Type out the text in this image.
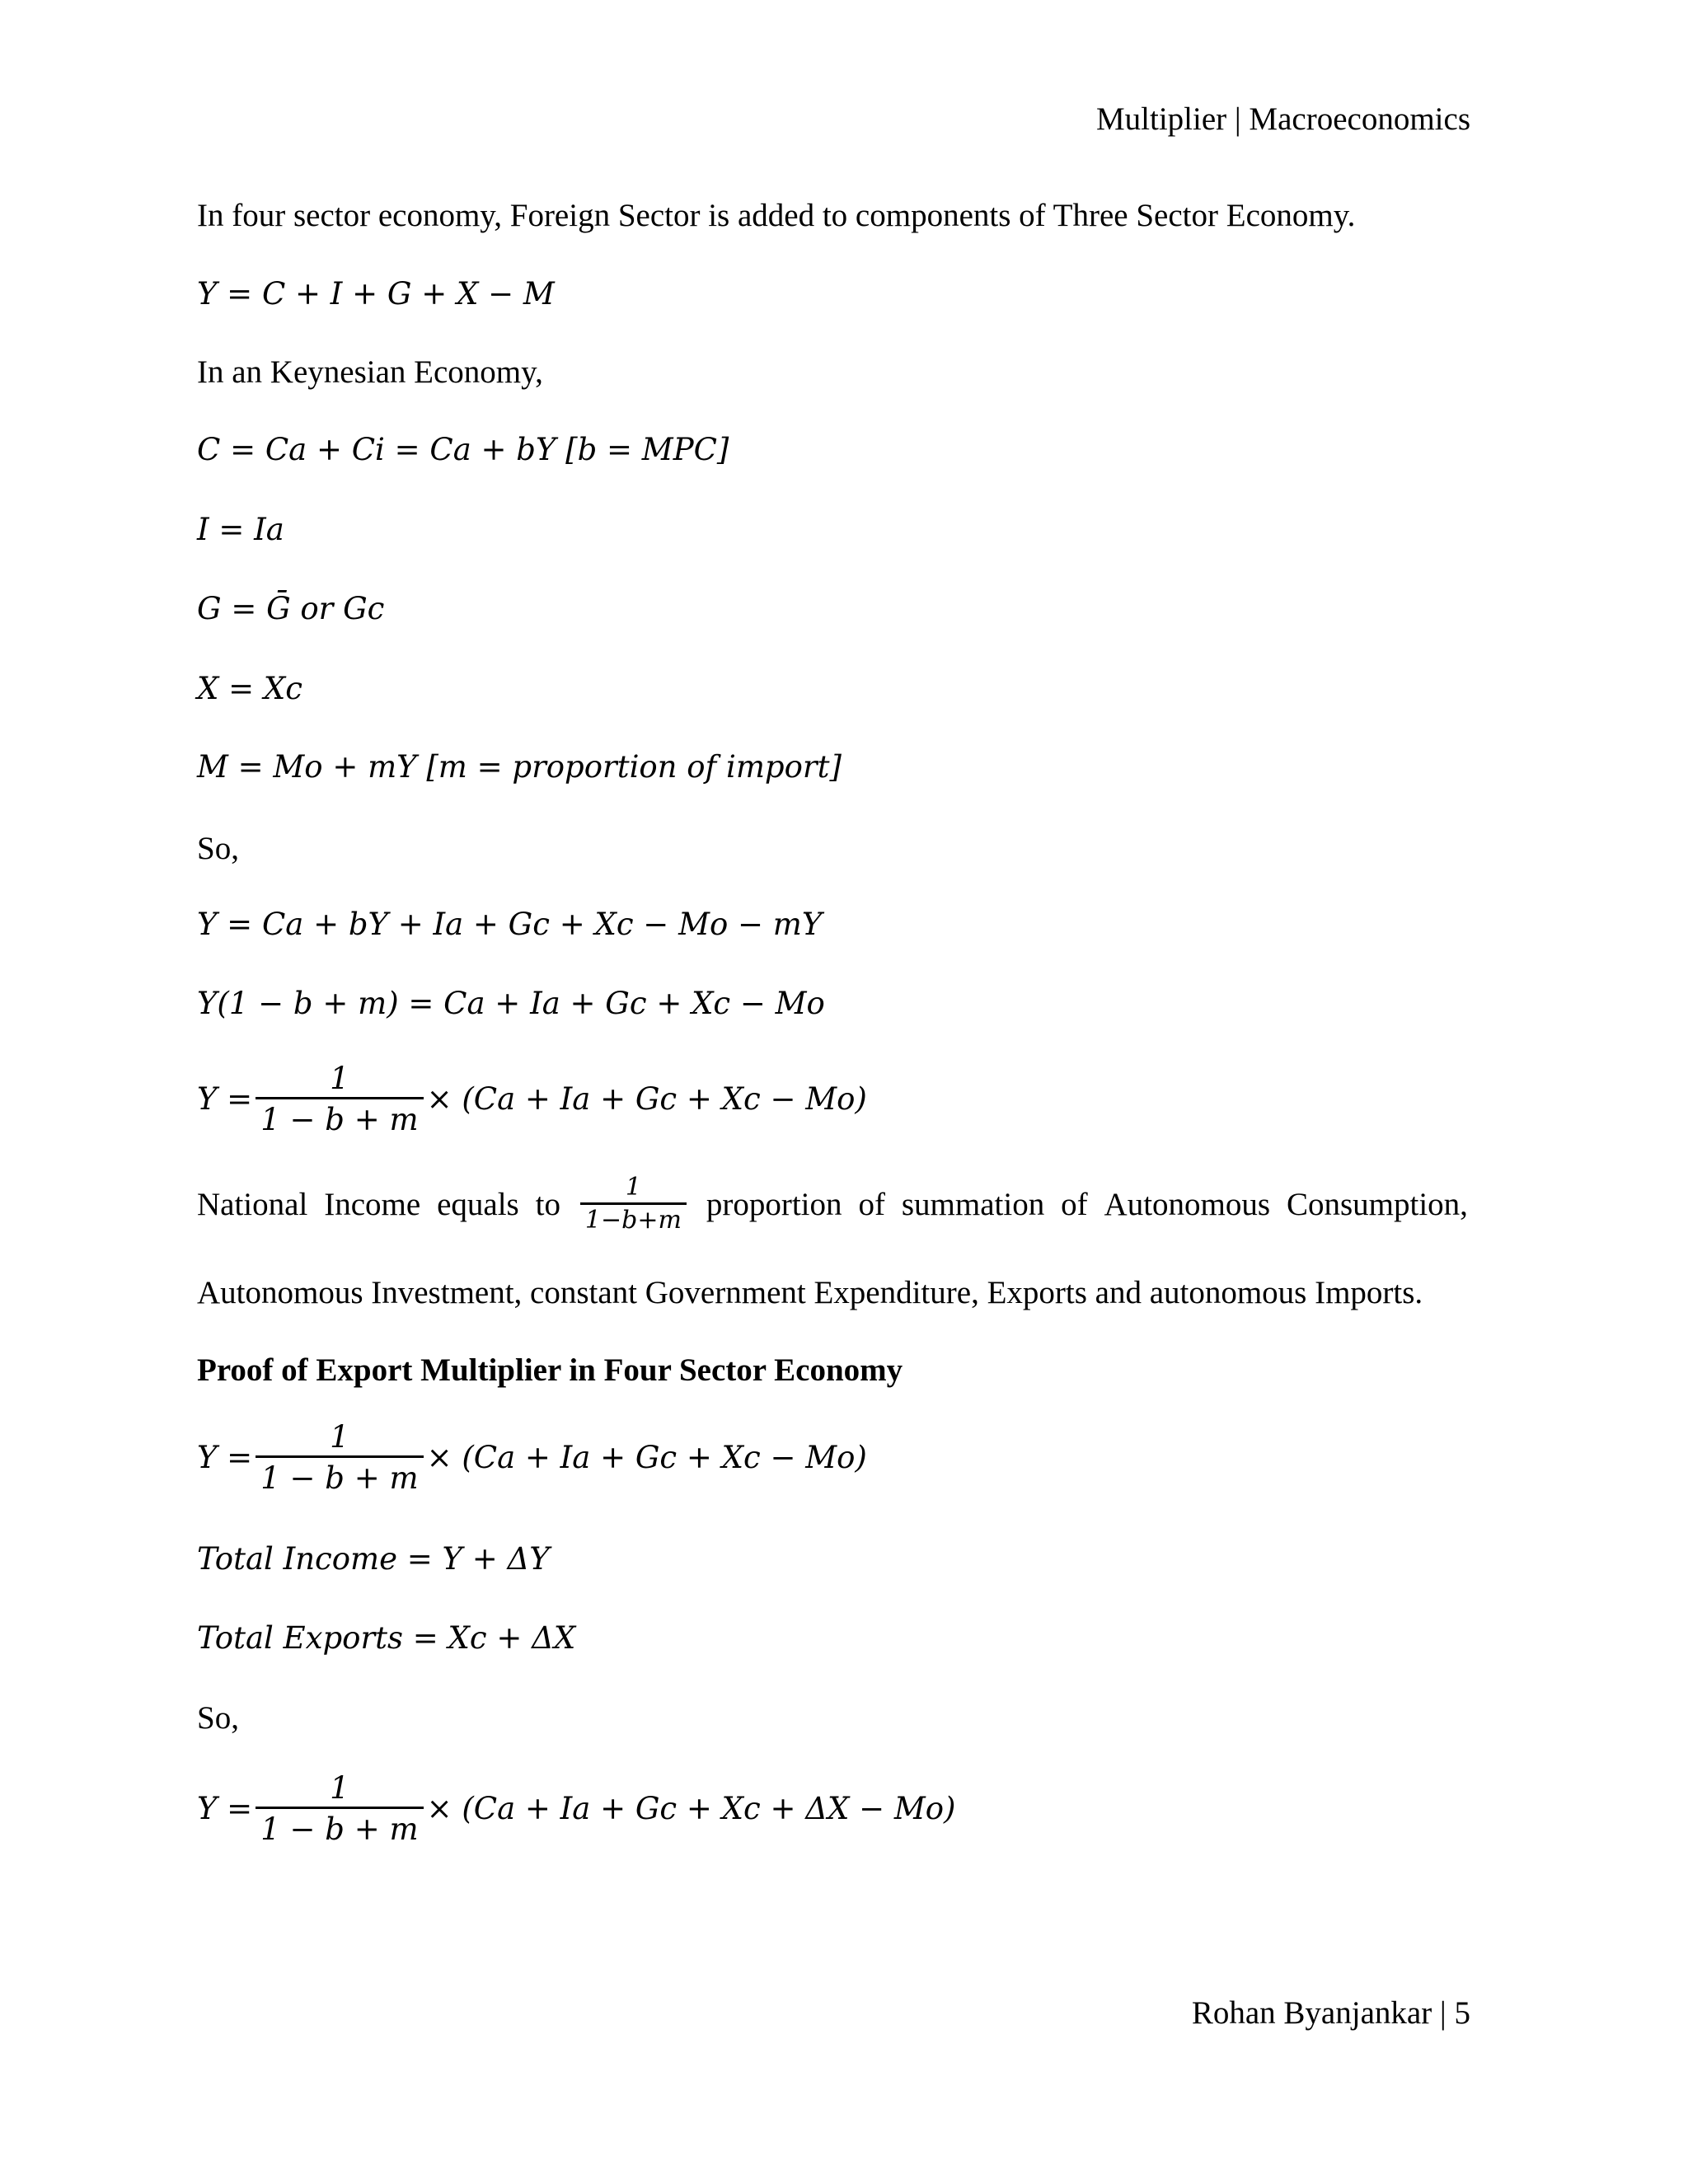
Multiplier | Macroeconomics
In four sector economy, Foreign Sector is added to components of Three Sector Economy.
Y = C + I + G + X − M
In an Keynesian Economy,
C = Ca + Ci = Ca + bY [b = MPC]
I = Ia
G = Ḡ or Gc
X = Xc
M = Mo + mY [m = proportion of import]
So,
Y = Ca + bY + Ia + Gc + Xc − Mo − mY
Y(1 − b + m) = Ca + Ia + Gc + Xc − Mo
$Y = \frac{1}{1 - b + m} \times (Ca + Ia + Gc + Xc - Mo)$
National Income equals to $\frac{1}{1-b+m}$ proportion of summation of Autonomous Consumption,
Autonomous Investment, constant Government Expenditure, Exports and autonomous Imports.
Proof of Export Multiplier in Four Sector Economy
$Y = \frac{1}{1 - b + m} \times (Ca + Ia + Gc + Xc - Mo)$
Total Income = Y + ΔY
Total Exports = Xc + ΔX
So,
$Y = \frac{1}{1 - b + m} \times (Ca + Ia + Gc + Xc + \Delta X - Mo)$
Rohan Byanjankar | 5
